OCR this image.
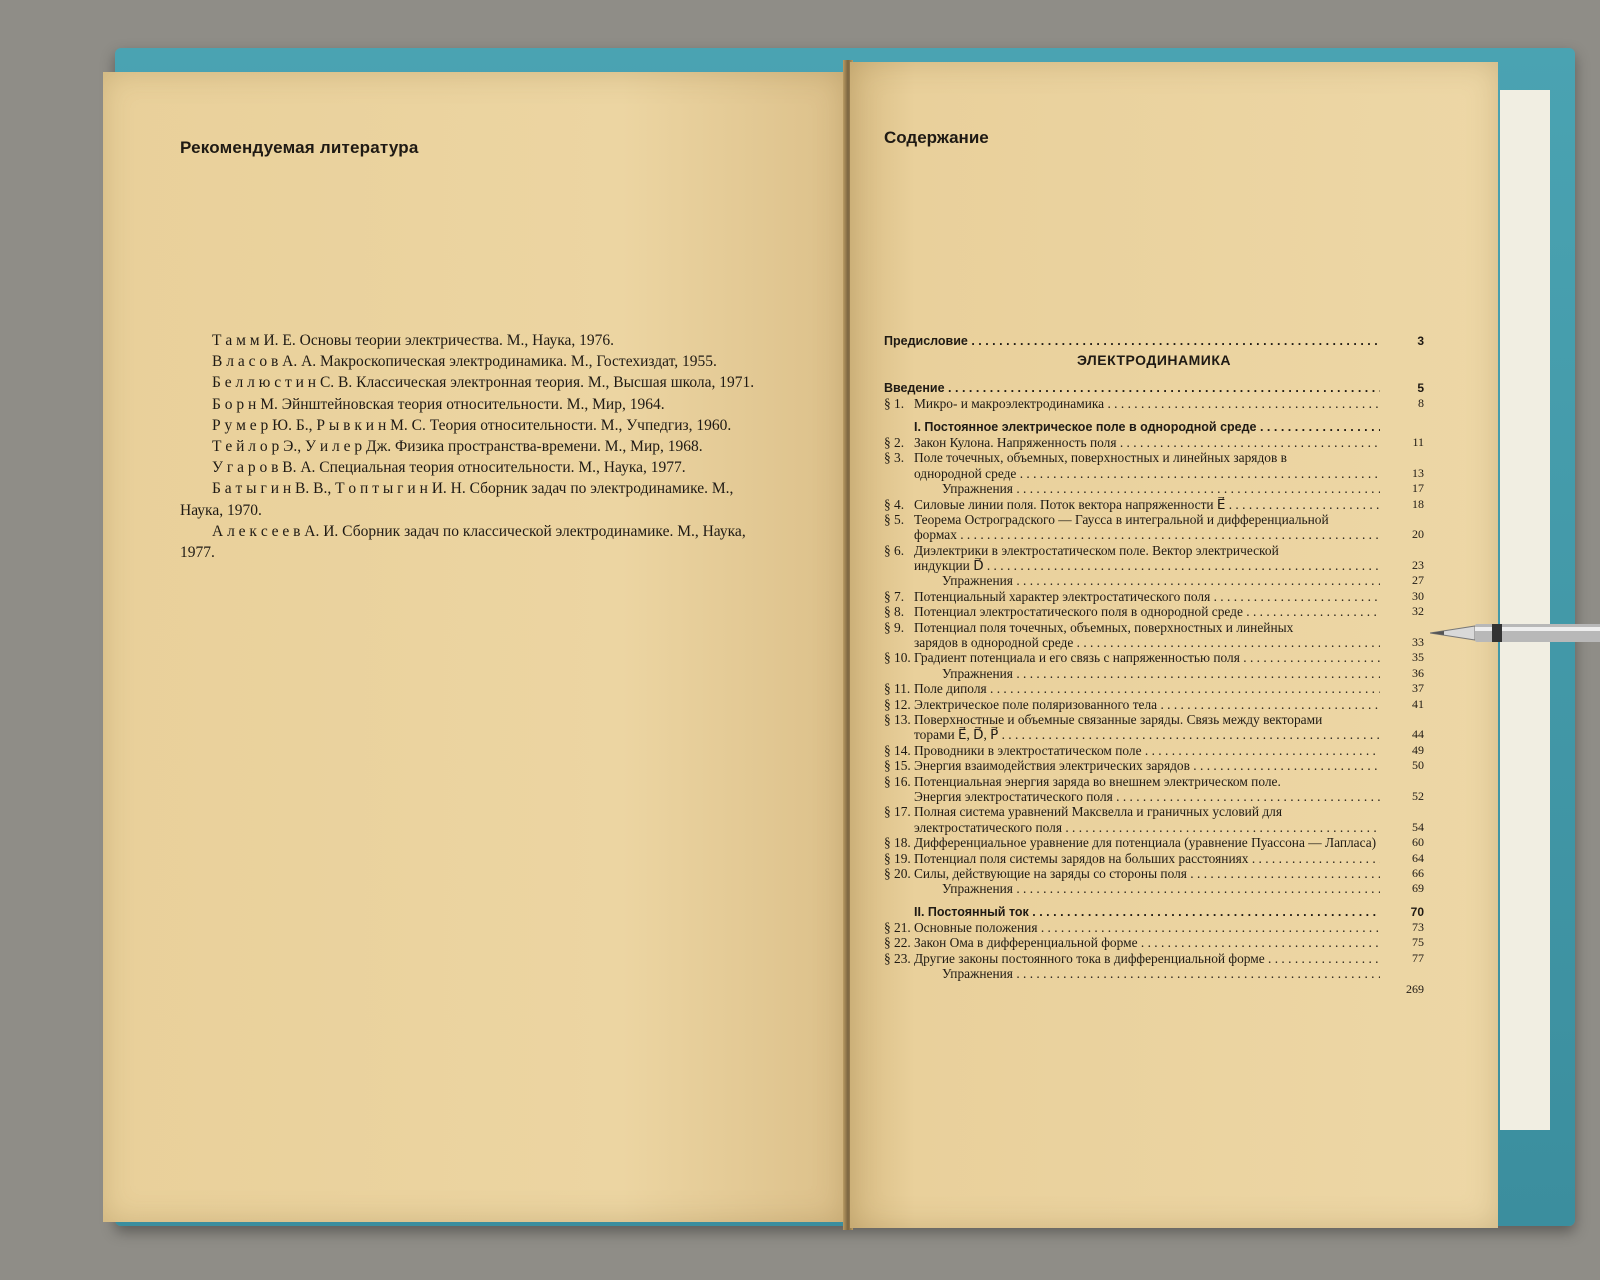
Рекомендуемая литература

Т а м м И. Е. Основы теории электричества. М., Наука, 1976.

В л а с о в А. А. Макроскопическая электродинамика. М., Гостехиздат, 1955.

Б е л л ю с т и н С. В. Классическая электронная теория. М., Высшая школа, 1971.

Б о р н М. Эйнштейновская теория относительности. М., Мир, 1964.

Р у м е р Ю. Б., Р ы в к и н М. С. Теория относительности. М., Учпедгиз, 1960.

Т е й л о р Э., У и л е р Дж. Физика пространства-времени. М., Мир, 1968.

У г а р о в В. А. Специальная теория относительности. М., Наука, 1977.

Б а т ы г и н В. В., Т о п т ы г и н И. Н. Сборник задач по электродинамике. М., Наука, 1970.

А л е к с е е в А. И. Сборник задач по классической электродинамике. М., Наука, 1977.

Содержание
Предисловие . . .	3
ЭЛЕКТРОДИНАМИКА
Введение . . .	5
§ 1. Микро- и макроэлектродинамика . . .	8
I. Постоянное электрическое поле в однородной среде . . .
§ 2. Закон Кулона. Напряженность поля . . .	11
§ 3. Поле точечных, объемных, поверхностных и линейных зарядов в
однородной среде . . .	13
Упражнения . . .	17
§ 4. Силовые линии поля. Поток вектора напряженности E⃗ . . .	18
§ 5. Теорема Остроградского — Гаусса в интегральной и дифференциальной
формах . . .	20
§ 6. Диэлектрики в электростатическом поле. Вектор электрической
индукции D⃗ . . .	23
Упражнения . . .	27
§ 7. Потенциальный характер электростатического поля . . .	30
§ 8. Потенциал электростатического поля в однородной среде . . .	32
§ 9. Потенциал поля точечных, объемных, поверхностных и линейных
зарядов в однородной среде . . .	33
§ 10. Градиент потенциала и его связь с напряженностью поля . . .	35
Упражнения . . .	36
§ 11. Поле диполя . . .	37
§ 12. Электрическое поле поляризованного тела . . .	41
§ 13. Поверхностные и объемные связанные заряды. Связь между векторами
торами E⃗, D⃗, P⃗ . . .	44
§ 14. Проводники в электростатическом поле . . .	49
§ 15. Энергия взаимодействия электрических зарядов . . .	50
§ 16. Потенциальная энергия заряда во внешнем электрическом поле.
Энергия электростатического поля . . .	52
§ 17. Полная система уравнений Максвелла и граничных условий для
электростатического поля . . .	54
§ 18. Дифференциальное уравнение для потенциала (уравнение Пуассона — Лапласа) . . .	60
§ 19. Потенциал поля системы зарядов на больших расстояниях . . .	64
§ 20. Силы, действующие на заряды со стороны поля . . .	66
Упражнения . . .	69
II. Постоянный ток . . .	70
§ 21. Основные положения . . .	73
§ 22. Закон Ома в дифференциальной форме . . .	75
§ 23. Другие законы постоянного тока в дифференциальной форме . . .	77
Упражнения . . .
269
